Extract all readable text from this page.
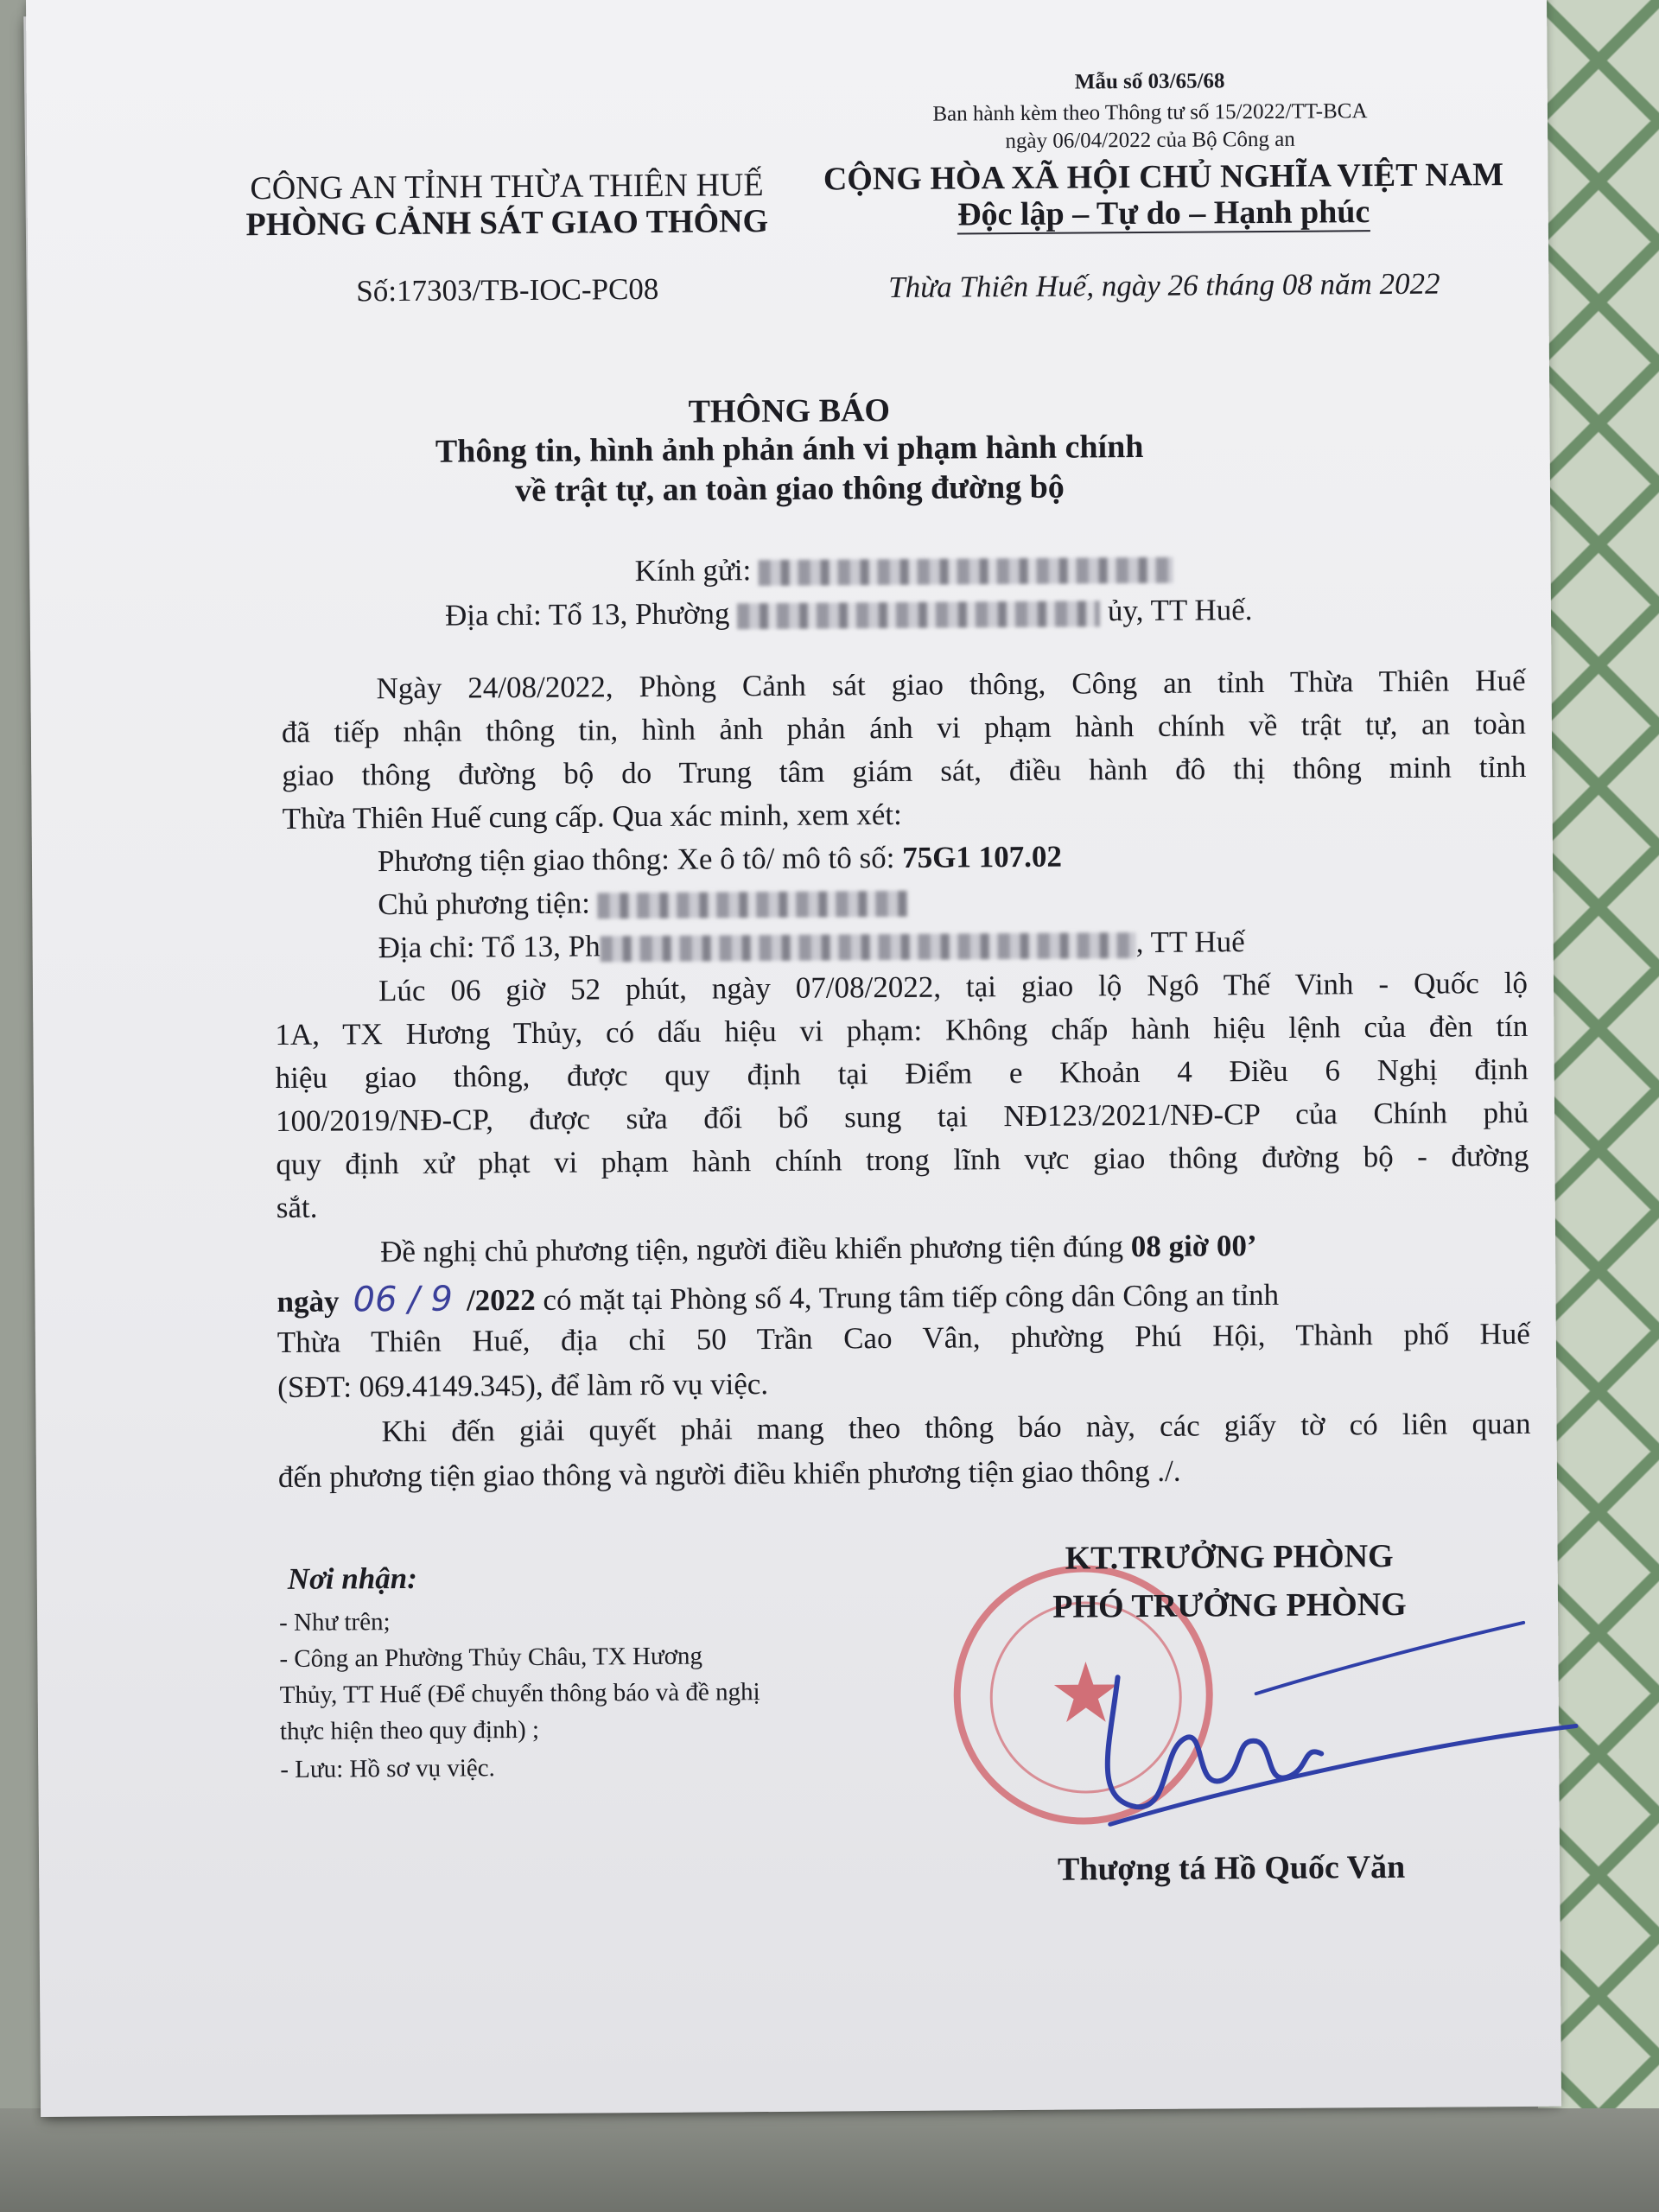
Mẫu số 03/65/68
Ban hành kèm theo Thông tư số 15/2022/TT-BCA
ngày 06/04/2022 của Bộ Công an
CÔNG AN TỈNH THỪA THIÊN HUẾ
PHÒNG CẢNH SÁT GIAO THÔNG
Số:17303/TB-IOC-PC08
CỘNG HÒA XÃ HỘI CHỦ NGHĨA VIỆT NAM
Độc lập – Tự do – Hạnh phúc
Thừa Thiên Huế, ngày 26 tháng 08 năm 2022
THÔNG BÁO
Thông tin, hình ảnh phản ánh vi phạm hành chính
về trật tự, an toàn giao thông đường bộ
Kính gửi:
Địa chỉ: Tổ 13, Phường	ủy, TT Huế.
Ngày 24/08/2022, Phòng Cảnh sát giao thông, Công an tỉnh Thừa Thiên Huế
đã tiếp nhận thông tin, hình ảnh phản ánh vi phạm hành chính về trật tự, an toàn
giao thông đường bộ do Trung tâm giám sát, điều hành đô thị thông minh tỉnh
Thừa Thiên Huế cung cấp. Qua xác minh, xem xét:
Phương tiện giao thông: Xe ô tô/ mô tô số: 75G1 107.02
Chủ phương tiện:
Địa chỉ: Tổ 13, Ph	, TT Huế
Lúc 06 giờ 52 phút, ngày 07/08/2022, tại giao lộ Ngô Thế Vinh - Quốc lộ
1A, TX Hương Thủy, có dấu hiệu vi phạm: Không chấp hành hiệu lệnh của đèn tín
hiệu giao thông, được quy định tại Điểm e Khoản 4 Điều 6 Nghị định
100/2019/NĐ-CP, được sửa đổi bổ sung tại NĐ123/2021/NĐ-CP của Chính phủ
quy định xử phạt vi phạm hành chính trong lĩnh vực giao thông đường bộ - đường
sắt.
Đề nghị chủ phương tiện, người điều khiển phương tiện đúng 08 giờ 00’
ngày 06 / 9 /2022 có mặt tại Phòng số 4, Trung tâm tiếp công dân Công an tỉnh
Thừa Thiên Huế, địa chỉ 50 Trần Cao Vân, phường Phú Hội, Thành phố Huế
(SĐT: 069.4149.345), để làm rõ vụ việc.
Khi đến giải quyết phải mang theo thông báo này, các giấy tờ có liên quan
đến phương tiện giao thông và người điều khiển phương tiện giao thông ./.
Nơi nhận:
- Như trên;
- Công an Phường Thủy Châu, TX Hương
Thủy, TT Huế (Để chuyển thông báo và đề nghị
thực hiện theo quy định) ;
- Lưu: Hồ sơ vụ việc.
★
KT.TRƯỞNG PHÒNG
PHÓ TRƯỞNG PHÒNG
Thượng tá Hồ Quốc Văn
